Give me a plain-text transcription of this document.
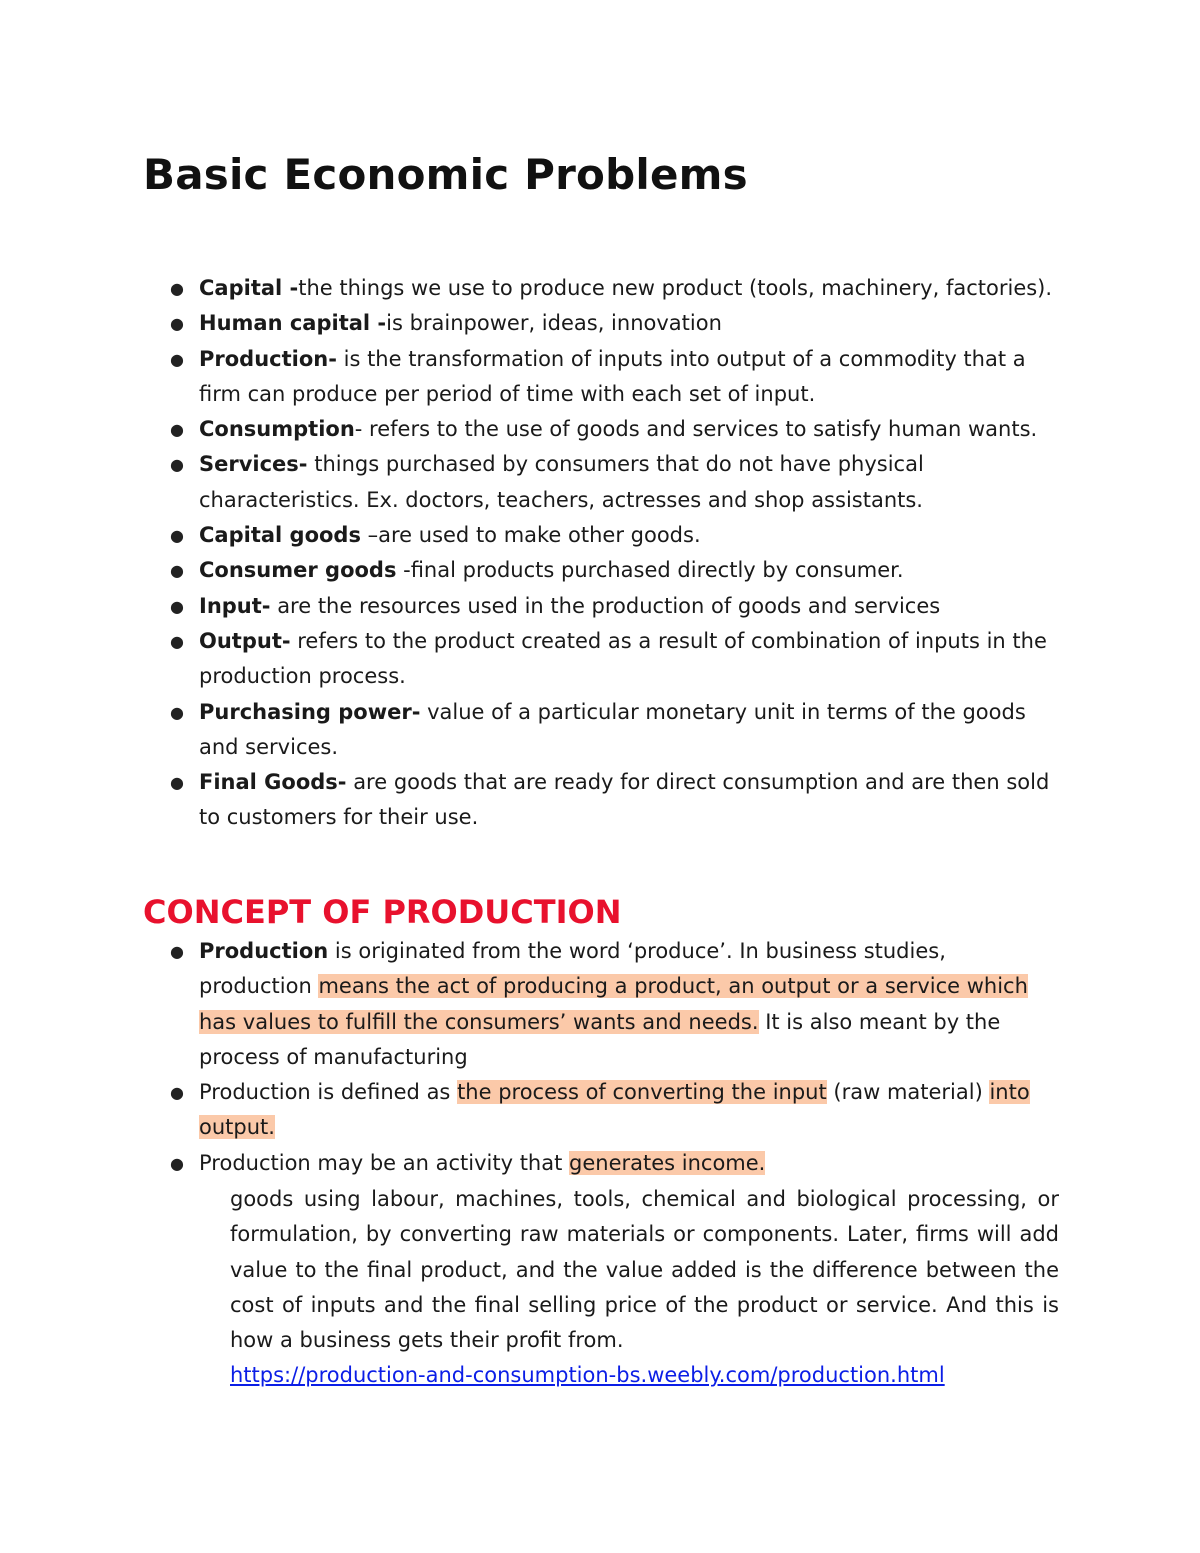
Basic Economic Problems
● Capital -the things we use to produce new product (tools, machinery, factories).
● Human capital -is brainpower, ideas, innovation
● Production- is the transformation of inputs into output of a commodity that a firm can produce per period of time with each set of input.
● Consumption- refers to the use of goods and services to satisfy human wants.
● Services- things purchased by consumers that do not have physical characteristics. Ex. doctors, teachers, actresses and shop assistants.
● Capital goods –are used to make other goods.
● Consumer goods -final products purchased directly by consumer.
● Input- are the resources used in the production of goods and services
● Output- refers to the product created as a result of combination of inputs in the production process.
● Purchasing power- value of a particular monetary unit in terms of the goods and services.
● Final Goods- are goods that are ready for direct consumption and are then sold to customers for their use.
CONCEPT OF PRODUCTION
● Production is originated from the word ‘produce’. In business studies, production means the act of producing a product, an output or a service which has values to fulfill the consumers’ wants and needs. It is also meant by the process of manufacturing
● Production is defined as the process of converting the input (raw material) into output.
● Production may be an activity that generates income.

goods using labour, machines, tools, chemical and biological processing, or formulation, by converting raw materials or components. Later, firms will add value to the final product, and the value added is the difference between the cost of inputs and the final selling price of the product or service. And this is how a business gets their profit from.

https://production-and-consumption-bs.weebly.com/production.html
